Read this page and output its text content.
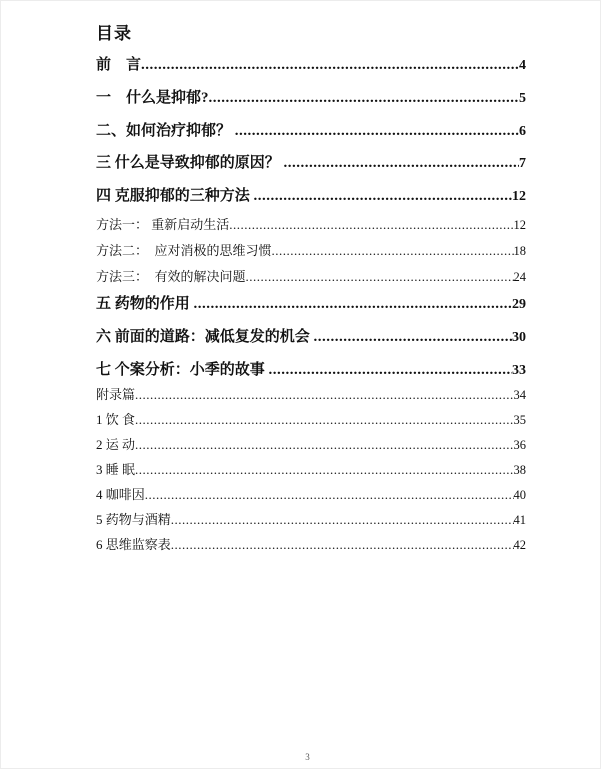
目录
前　言 .....	4
一　什么是抑郁? .....	5
二、如何治疗抑郁？ .....	6
三 什么是导致抑郁的原因？ .....	7
四 克服抑郁的三种方法 .....	12
方法一： 重新启动生活 .....	12
方法二：  应对消极的思维习惯 .....	18
方法三：  有效的解决问题 .....	24
五 药物的作用 .....	29
六 前面的道路：减低复发的机会 .....	30
七 个案分析：小季的故事 .....	33
附录篇 .....	34
1 饮 食 .....	35
2 运 动 .....	36
3 睡 眠 .....	38
4 咖啡因 .....	40
5 药物与酒精 .....	41
6 思维监察表 .....	42
3
